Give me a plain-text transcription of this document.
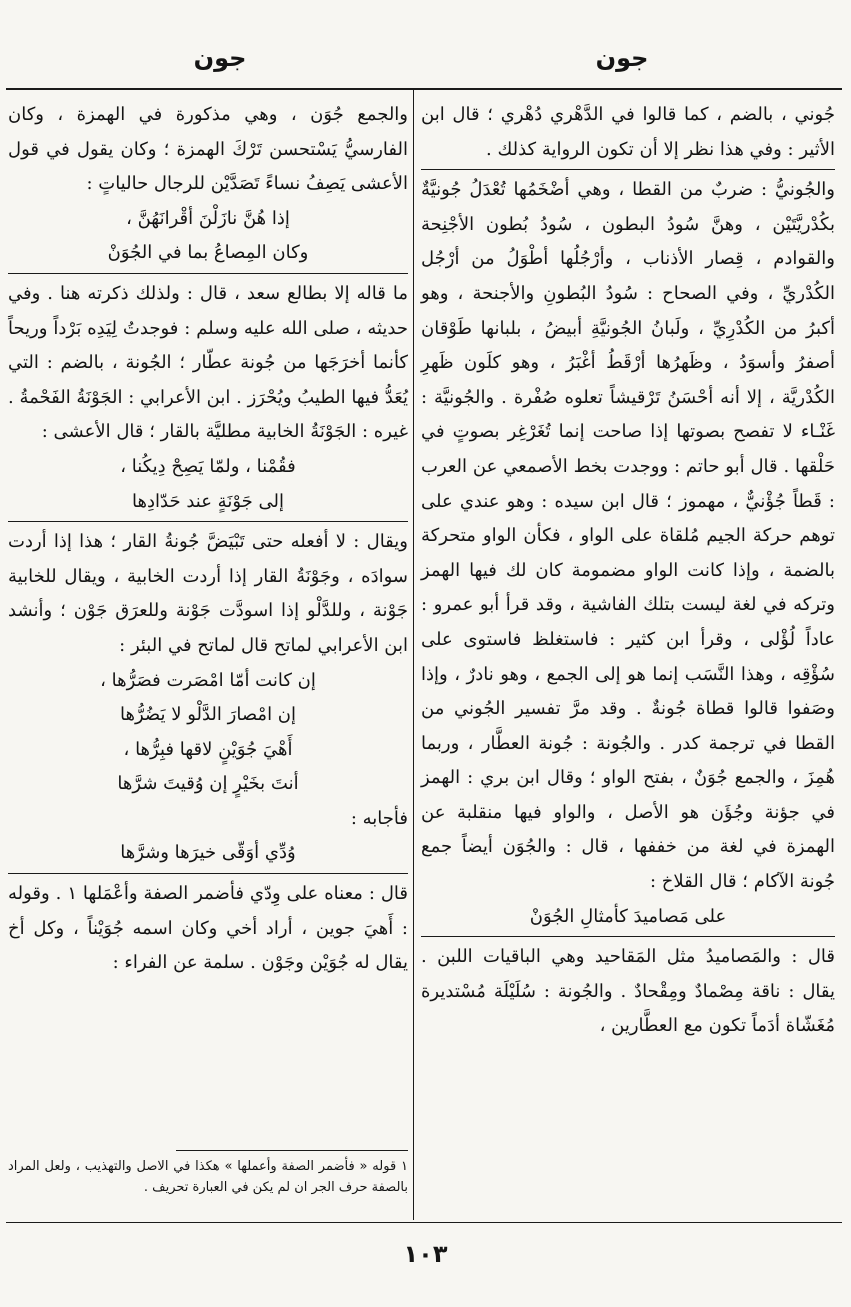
جون
جون

جُوني ، بالضم ، كما قالوا في الدَّهْري دُهْري ؛ قال ابن الأثير : وفي هذا نظر إلا أن تكون الرواية كذلك .

والجُونيُّ : ضربٌ من القطا ، وهي أضْخَمُها تُعْدَلُ جُونيَّةٌ بكُدْريَّتَيْن ، وهنَّ سُودُ البطون ، سُودُ بُطون الأجْنِحة والقوادم ، قِصار الأذناب ، وأرْجُلُها أطْوَلُ من أرْجُل الكُدْريِّ ، وفي الصحاح : سُودُ البُطونِ والأجنحة ، وهو أكبرُ من الكُدْرِيِّ ، ولَبانُ الجُونيَّةِ أبيضُ ، بلبانها طَوْقان أصفرُ وأسوَدُ ، وظَهرُها أرْقَطُ أغْبَرُ ، وهو كلَون ظَهرِ الكُدْريَّة ، إلا أنه أحْسَنُ تَرْقيشاً تعلوه صُفْرة . والجُونيَّة : غَنْـاء لا تفصح بصوتها إذا صاحت إنما تُغَرْغِر بصوتٍ في حَلْقها . قال أبو حاتم : ووجدت بخط الأصمعي عن العرب : قَطاً جُؤْنيٌّ ، مهموز ؛ قال ابن سيده : وهو عندي على توهم حركة الجيم مُلقاة على الواو ، فكأن الواو متحركة بالضمة ، وإذا كانت الواو مضمومة كان لك فيها الهمز وتركه في لغة ليست بتلك الفاشية ، وقد قرأ أبو عمرو : عاداً لُؤْلى ، وقرأ ابن كثير : فاستغلظ فاستوى على سُؤْقِه ، وهذا النَّسَب إنما هو إلى الجمع ، وهو نادرٌ ، وإذا وصَفوا قالوا قطاة جُونةٌ . وقد مرَّ تفسير الجُوني من القطا في ترجمة كدر . والجُونة : جُونة العطَّار ، وربما هُمِزَ ، والجمع جُوَنٌ ، بفتح الواو ؛ وقال ابن بري : الهمز في جؤنة وجُؤَن هو الأصل ، والواو فيها منقلبة عن الهمزة في لغة من خففها ، قال : والجُوَن أيضاً جمع جُونة الآكام ؛ قال القلاخ :

على مَصاميدَ كأمثالِ الجُوَنْ

قال : والمَصاميدُ مثل المَقاحيد وهي الباقيات اللبن . يقال : ناقة مِصْمادٌ ومِقْحادٌ . والجُونة : سُلَيْلَة مُسْتديرة مُغَشّاة أدَماً تكون مع العطَّارين ،

والجمع جُوَن ، وهي مذكورة في الهمزة ، وكان الفارسيُّ يَسْتحسن تَرْكَ الهمزة ؛ وكان يقول في قول الأعشى يَصِفُ نساءً تَصَدَّيْن للرجال حالياتٍ :

إذا هُنَّ نازَلْنَ أقْرانَهُنَّ ،
وكان المِصاعُ بما في الجُوَنْ

ما قاله إلا بطالع سعد ، قال : ولذلك ذكرته هنا . وفي حديثه ، صلى الله عليه وسلم : فوجدتُ لِيَدِه بَرْداً وريحاً كأنما أخرَجَها من جُونة عطّار ؛ الجُونة ، بالضم : التي يُعَدُّ فيها الطيبُ ويُحْرَز . ابن الأعرابي : الجَوْنَةُ الفَحْمةُ . غيره : الجَوْنَةُ الخابية مطليَّة بالقار ؛ قال الأعشى :

فقُمْنا ، ولمّا يَصِحْ دِيكُنا ،
إلى جَوْنَةٍ عند حَدّادِها

ويقال : لا أفعله حتى تَبْيَضَّ جُونةُ القار ؛ هذا إذا أردت سوادَه ، وجَوْنَةُ القار إذا أردت الخابية ، ويقال للخابية جَوْنة ، وللدَّلْو إذا اسودَّت جَوْنة وللعرَق جَوْن ؛ وأنشد ابن الأعرابي لماتح قال لماتح في البئر :

إن كانت أمّا امْصَرت فصَرُّها ،
إن امْصارَ الدَّلْو لا يَضُرُّها
أَهْيَ جُوَيْنٍ لاقها فبِرُّها ،
أنتَ بخَيْرٍ إن وُقيتَ شرَّها

فأجابه :

وُدِّي أوَقّى خيرَها وشرَّها

قال : معناه على وِدّي فأضمر الصفة وأعْمَلها ١ . وقوله : أَهيَ جوين ، أراد أخي وكان اسمه جُوَيْناً ، وكل أخ يقال له جُوَيْن وجَوْن . سلمة عن الفراء :

١ قوله « فأضمر الصفة وأعملها » هكذا في الاصل والتهذيب ، ولعل المراد بالصفة حرف الجر ان لم يكن في العبارة تحريف .
١٠٣
